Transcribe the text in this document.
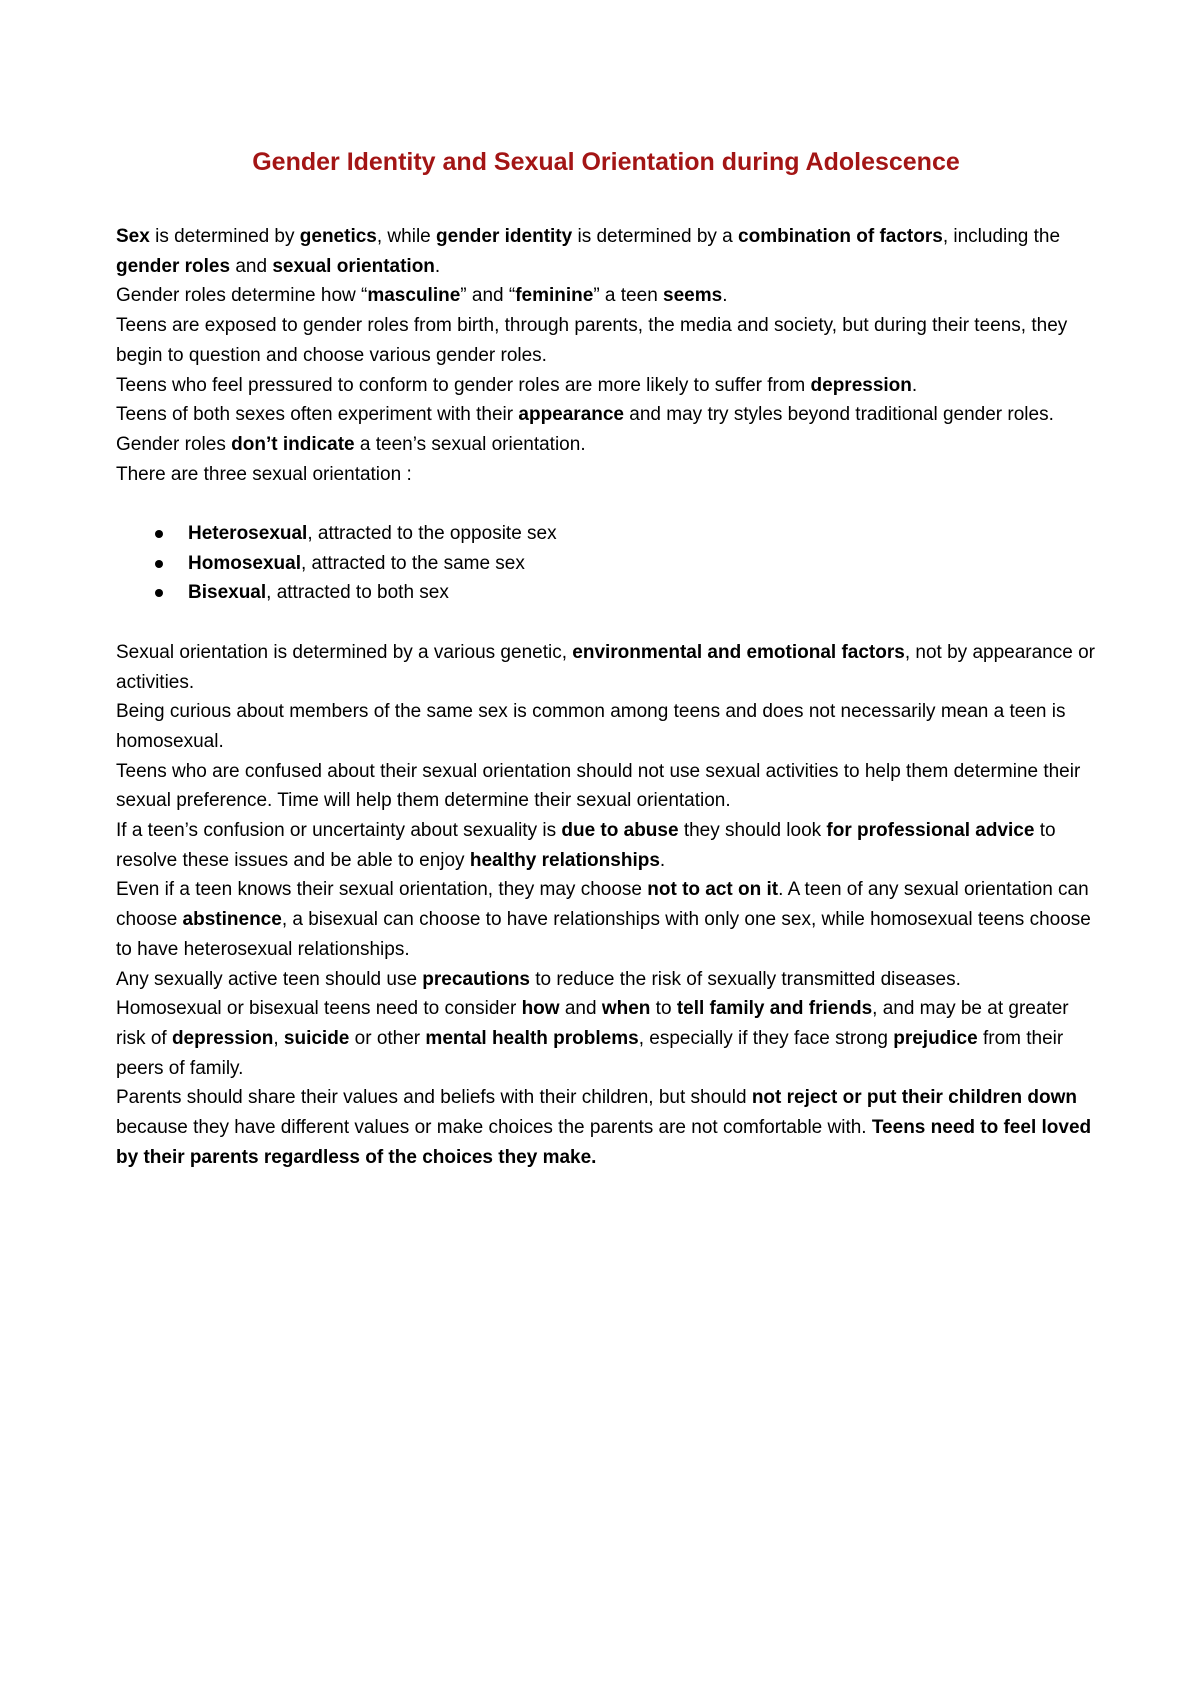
Gender Identity and Sexual Orientation during Adolescence

Sex is determined by genetics, while gender identity is determined by a combination of factors, including the gender roles and sexual orientation.

Gender roles determine how “masculine” and “feminine” a teen seems.

Teens are exposed to gender roles from birth, through parents, the media and society, but during their teens, they begin to question and choose various gender roles.

Teens who feel pressured to conform to gender roles are more likely to suffer from depression.

Teens of both sexes often experiment with their appearance and may try styles beyond traditional gender roles.

Gender roles don’t indicate a teen’s sexual orientation.

There are three sexual orientation :

Heterosexual, attracted to the opposite sex
Homosexual, attracted to the same sex
Bisexual, attracted to both sex

Sexual orientation is determined by a various genetic, environmental and emotional factors, not by appearance or activities.

Being curious about members of the same sex is common among teens and does not necessarily mean a teen is homosexual.

Teens who are confused about their sexual orientation should not use sexual activities to help them determine their sexual preference. Time will help them determine their sexual orientation.

If a teen’s confusion or uncertainty about sexuality is due to abuse they should look for professional advice to resolve these issues and be able to enjoy healthy relationships.

Even if a teen knows their sexual orientation, they may choose not to act on it. A teen of any sexual orientation can choose abstinence, a bisexual can choose to have relationships with only one sex, while homosexual teens choose to have heterosexual relationships.

Any sexually active teen should use precautions to reduce the risk of sexually transmitted diseases.

Homosexual or bisexual teens need to consider how and when to tell family and friends, and may be at greater risk of depression, suicide or other mental health problems, especially if they face strong prejudice from their peers of family.

Parents should share their values and beliefs with their children, but should not reject or put their children down because they have different values or make choices the parents are not comfortable with. Teens need to feel loved by their parents regardless of the choices they make.
